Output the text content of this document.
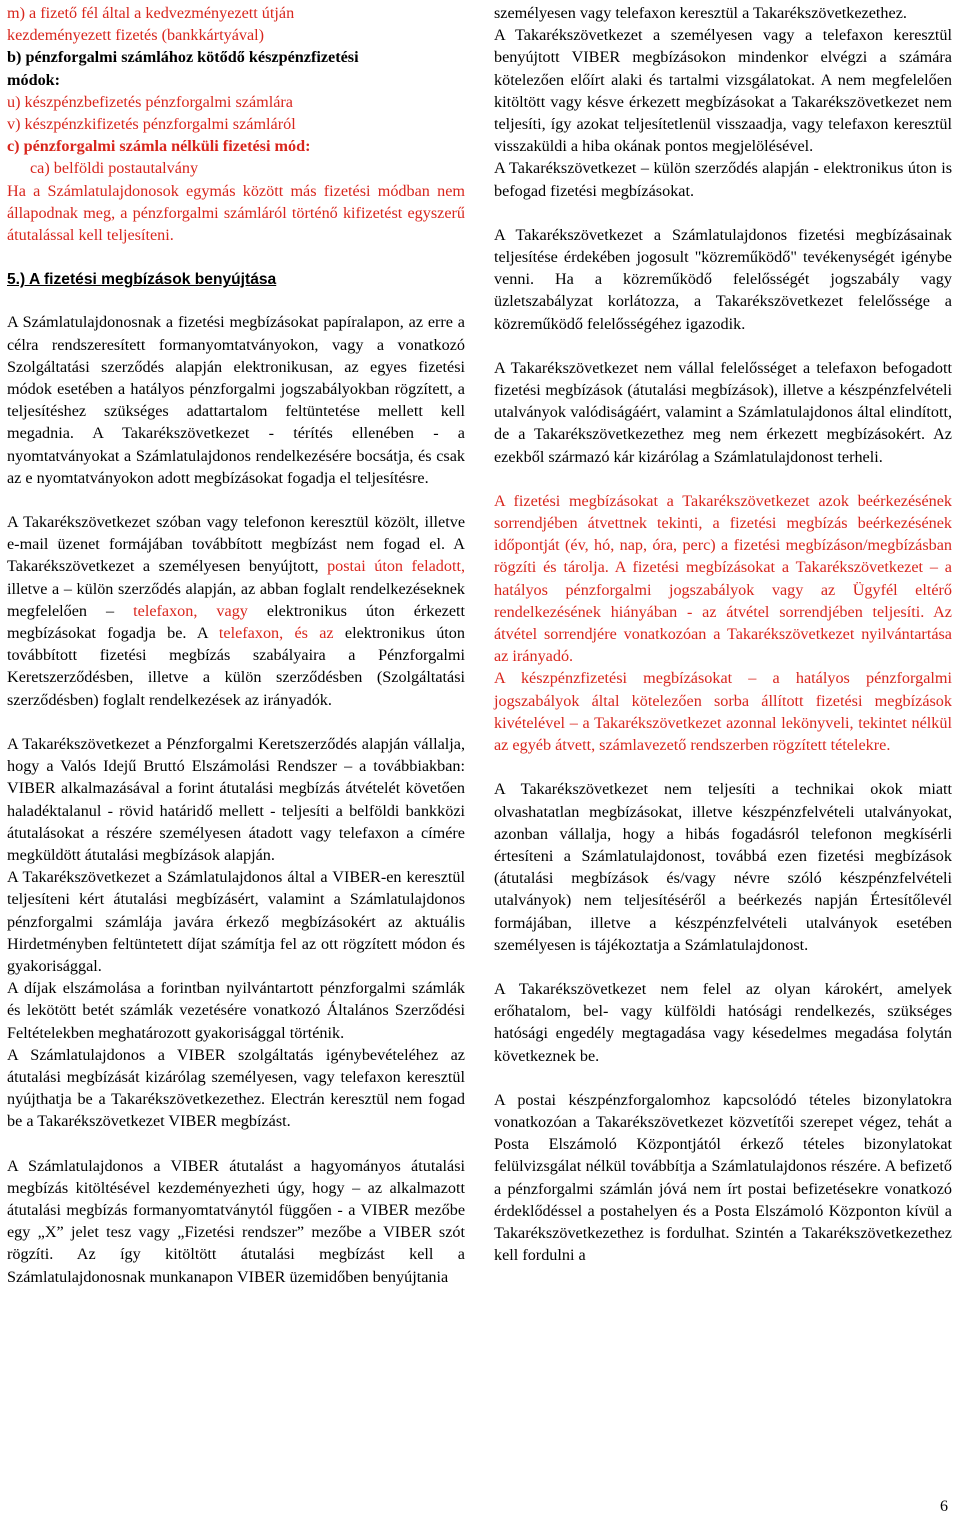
m) a fizető fél által a kedvezményezett útján
kezdeményezett fizetés (bankkártyával)
b) pénzforgalmi számlához kötődő készpénzfizetési
módok:
u) készpénzbefizetés pénzforgalmi számlára
v) készpénzkifizetés pénzforgalmi számláról
c) pénzforgalmi számla nélküli fizetési mód:
ca) belföldi postautalvány

Ha a Számlatulajdonosok egymás között más fizetési módban nem állapodnak meg, a pénzforgalmi számláról történő kifizetést egyszerű átutalással kell teljesíteni.

5.) A fizetési megbízások benyújtása

A Számlatulajdonosnak a fizetési megbízásokat papíralapon, az erre a célra rendszeresített formanyomtatványokon, vagy a vonatkozó Szolgáltatási szerződés alapján elektronikusan, az egyes fizetési módok esetében a hatályos pénzforgalmi jogszabályokban rögzített, a teljesítéshez szükséges adattartalom feltüntetése mellett kell megadnia. A Takarékszövetkezet - térítés ellenében - a nyomtatványokat a Számlatulajdonos rendelkezésére bocsátja, és csak az e nyomtatványokon adott megbízásokat fogadja el teljesítésre.

A Takarékszövetkezet szóban vagy telefonon keresztül közölt, illetve e-mail üzenet formájában továbbított megbízást nem fogad el. A Takarékszövetkezet a személyesen benyújtott, postai úton feladott, illetve a – külön szerződés alapján, az abban foglalt rendelkezéseknek megfelelően – telefaxon, vagy elektronikus úton érkezett megbízásokat fogadja be. A telefaxon, és az elektronikus úton továbbított fizetési megbízás szabályaira a Pénzforgalmi Keretszerződésben, illetve a külön szerződésben (Szolgáltatási szerződésben) foglalt rendelkezések az irányadók.

A Takarékszövetkezet a Pénzforgalmi Keretszerződés alapján vállalja, hogy a Valós Idejű Bruttó Elszámolási Rendszer – a továbbiakban: VIBER alkalmazásával a forint átutalási megbízás átvételét követően haladéktalanul - rövid határidő mellett - teljesíti a belföldi bankközi átutalásokat a részére személyesen átadott vagy telefaxon a címére megküldött átutalási megbízások alapján.

A Takarékszövetkezet a Számlatulajdonos által a VIBER-en keresztül teljesíteni kért átutalási megbízásért, valamint a Számlatulajdonos pénzforgalmi számlája javára érkező megbízásokért az aktuális Hirdetményben feltüntetett díjat számítja fel az ott rögzített módon és gyakorisággal.

A díjak elszámolása a forintban nyilvántartott pénzforgalmi számlák és lekötött betét számlák vezetésére vonatkozó Általános Szerződési Feltételekben meghatározott gyakorisággal történik.

A Számlatulajdonos a VIBER szolgáltatás igénybevételéhez az átutalási megbízását kizárólag személyesen, vagy telefaxon keresztül nyújthatja be a Takarékszövetkezethez. Electrán keresztül nem fogad be a Takarékszövetkezet VIBER megbízást.

A Számlatulajdonos a VIBER átutalást a hagyományos átutalási megbízás kitöltésével kezdeményezheti úgy, hogy – az alkalmazott átutalási megbízás formanyomtatványtól függően - a VIBER mezőbe egy „X” jelet tesz vagy „Fizetési rendszer” mezőbe a VIBER szót rögzíti. Az így kitöltött átutalási megbízást kell a Számlatulajdonosnak munkanapon VIBER üzemidőben benyújtania

személyesen vagy telefaxon keresztül a Takarékszövetkezethez.

A Takarékszövetkezet a személyesen vagy a telefaxon keresztül benyújtott VIBER megbízásokon mindenkor elvégzi a számára kötelezően előírt alaki és tartalmi vizsgálatokat. A nem megfelelően kitöltött vagy késve érkezett megbízásokat a Takarékszövetkezet nem teljesíti, így azokat teljesítetlenül visszaadja, vagy telefaxon keresztül visszaküldi a hiba okának pontos megjelölésével.

A Takarékszövetkezet – külön szerződés alapján - elektronikus úton is befogad fizetési megbízásokat.

A Takarékszövetkezet a Számlatulajdonos fizetési megbízásainak teljesítése érdekében jogosult "közreműködő" tevékenységét igénybe venni. Ha a közreműködő felelősségét jogszabály vagy üzletszabályzat korlátozza, a Takarékszövetkezet felelőssége a közreműködő felelősségéhez igazodik.

A Takarékszövetkezet nem vállal felelősséget a telefaxon befogadott fizetési megbízások (átutalási megbízások), illetve a készpénzfelvételi utalványok valódiságáért, valamint a Számlatulajdonos által elindított, de a Takarékszövetkezethez meg nem érkezett megbízásokért. Az ezekből származó kár kizárólag a Számlatulajdonost terheli.

A fizetési megbízásokat a Takarékszövetkezet azok beérkezésének sorrendjében átvettnek tekinti, a fizetési megbízás beérkezésének időpontját (év, hó, nap, óra, perc) a fizetési megbízáson/megbízásban rögzíti és tárolja. A fizetési megbízásokat a Takarékszövetkezet – a hatályos pénzforgalmi jogszabályok vagy az Ügyfél eltérő rendelkezésének hiányában - az átvétel sorrendjében teljesíti. Az átvétel sorrendjére vonatkozóan a Takarékszövetkezet nyilvántartása az irányadó.

A készpénzfizetési megbízásokat – a hatályos pénzforgalmi jogszabályok által kötelezően sorba állított fizetési megbízások kivételével – a Takarékszövetkezet azonnal lekönyveli, tekintet nélkül az egyéb átvett, számlavezető rendszerben rögzített tételekre.

A Takarékszövetkezet nem teljesíti a technikai okok miatt olvashatatlan megbízásokat, illetve készpénzfelvételi utalványokat, azonban vállalja, hogy a hibás fogadásról telefonon megkísérli értesíteni a Számlatulajdonost, továbbá ezen fizetési megbízások (átutalási megbízások és/vagy névre szóló készpénzfelvételi utalványok) nem teljesítéséről a beérkezés napján Értesítőlevél formájában, illetve a készpénzfelvételi utalványok esetében személyesen is tájékoztatja a Számlatulajdonost.

A Takarékszövetkezet nem felel az olyan károkért, amelyek erőhatalom, bel- vagy külföldi hatósági rendelkezés, szükséges hatósági engedély megtagadása vagy késedelmes megadása folytán következnek be.

A postai készpénzforgalomhoz kapcsolódó tételes bizonylatokra vonatkozóan a Takarékszövetkezet közvetítői szerepet végez, tehát a Posta Elszámoló Központjától érkező tételes bizonylatokat felülvizsgálat nélkül továbbítja a Számlatulajdonos részére. A befizető a pénzforgalmi számlán jóvá nem írt postai befizetésekre vonatkozó érdeklődéssel a postahelyen és a Posta Elszámoló Központon kívül a Takarékszövetkezethez is fordulhat. Szintén a Takarékszövetkezethez kell fordulni a

6
